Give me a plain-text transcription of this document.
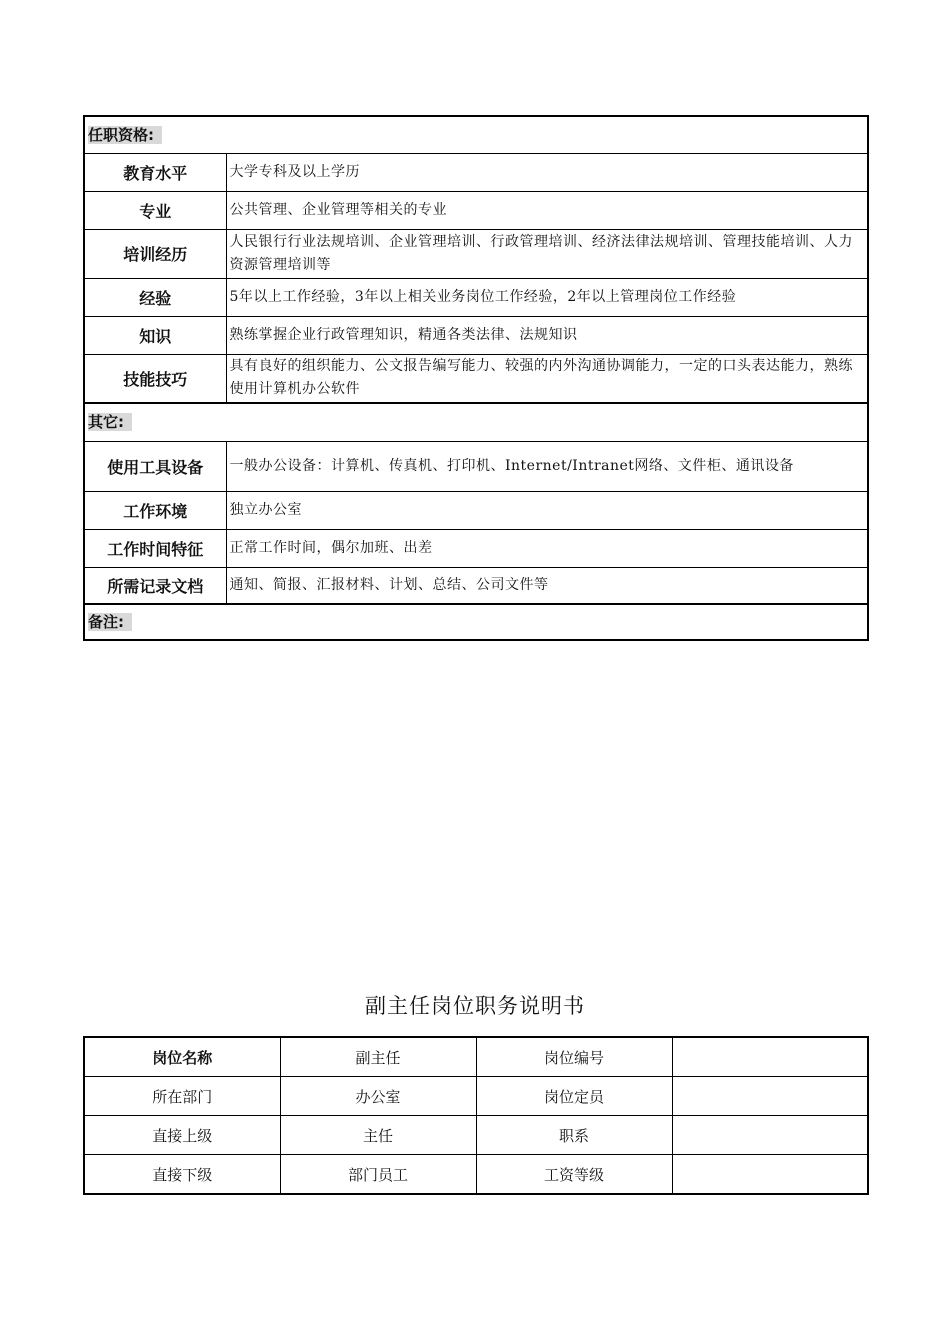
任职资格:	
教育水平	大学专科及以上学历
专业	公共管理、企业管理等相关的专业
培训经历	人民银行行业法规培训、企业管理培训、行政管理培训、经济法律法规培训、管理技能培训、人力资源管理培训等
经验	5年以上工作经验，3年以上相关业务岗位工作经验，2年以上管理岗位工作经验
知识	熟练掌握企业行政管理知识，精通各类法律、法规知识
技能技巧	具有良好的组织能力、公文报告编写能力、较强的内外沟通协调能力，一定的口头表达能力，熟练使用计算机办公软件
其它:	
使用工具设备	一般办公设备：计算机、传真机、打印机、Internet/Intranet网络、文件柜、通讯设备
工作环境	独立办公室
工作时间特征	正常工作时间，偶尔加班、出差
所需记录文档	通知、简报、汇报材料、计划、总结、公司文件等
备注:	
副主任岗位职务说明书
岗位名称	副主任	岗位编号	
所在部门	办公室	岗位定员	
直接上级	主任	职系	
直接下级	部门员工	工资等级	
